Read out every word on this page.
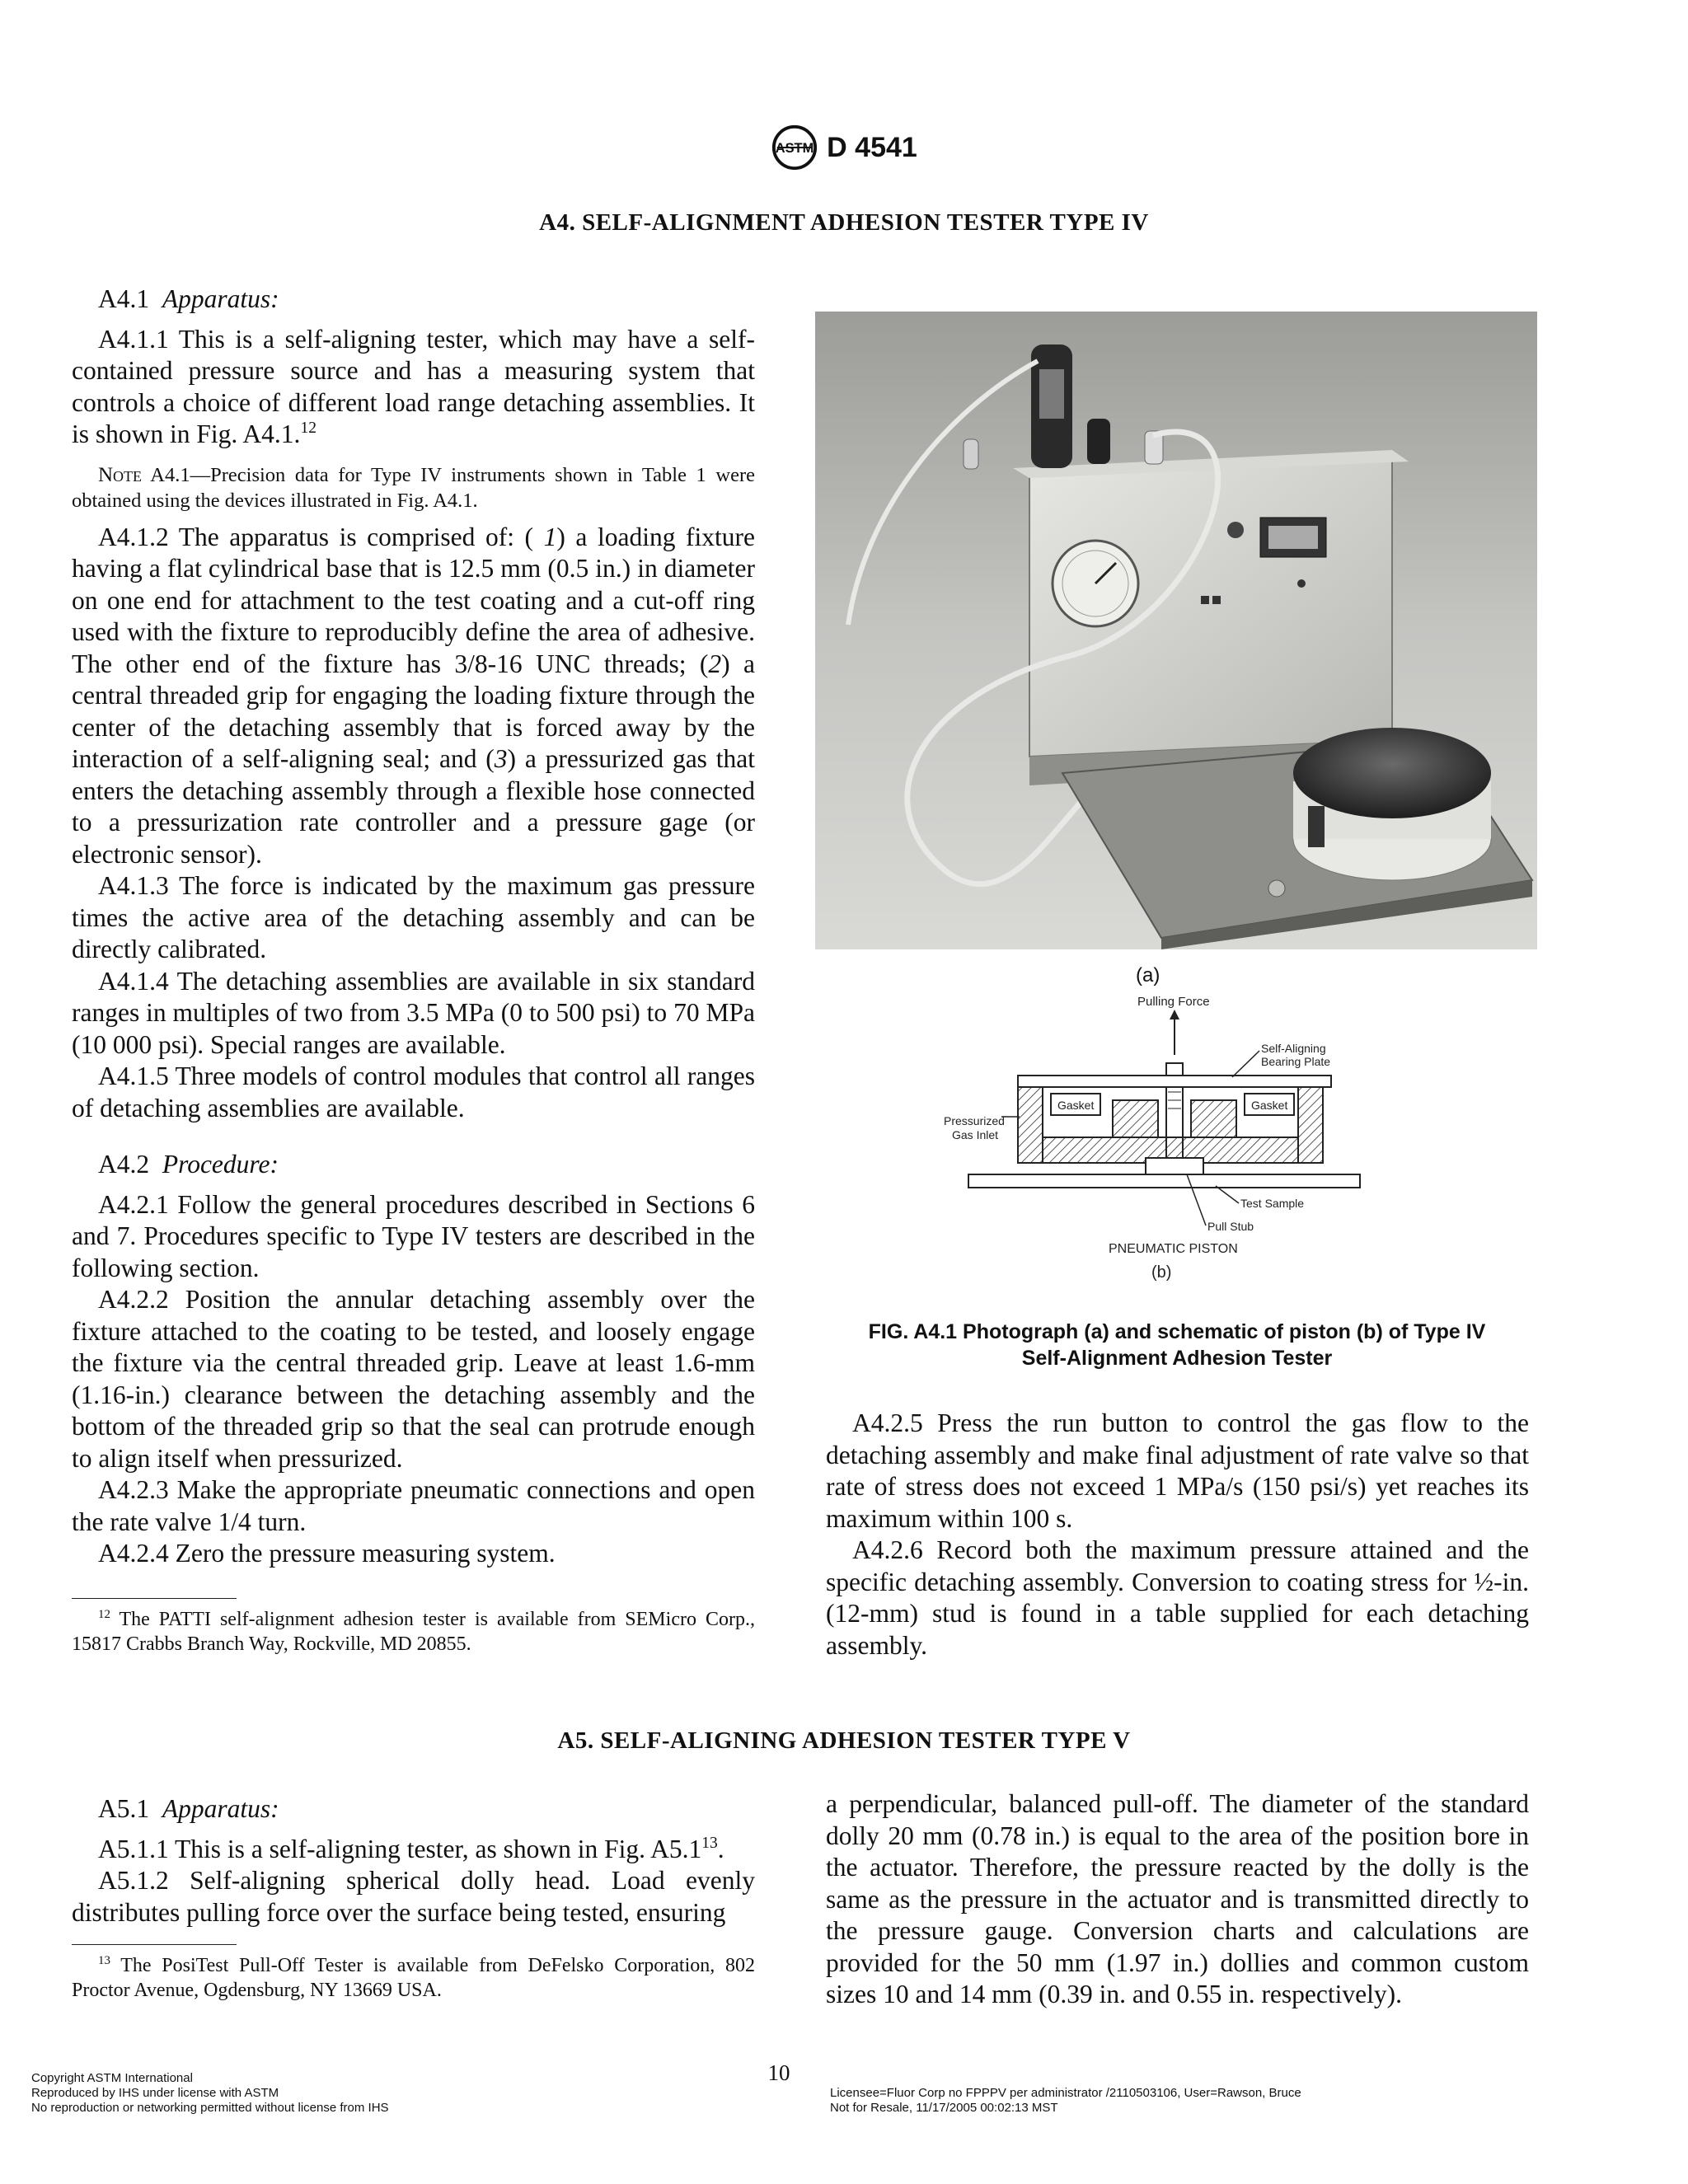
ASTM D 4541
A4. SELF-ALIGNMENT ADHESION TESTER TYPE IV

A4.1 Apparatus:

A4.1.1 This is a self-aligning tester, which may have a self-contained pressure source and has a measuring system that controls a choice of different load range detaching assemblies. It is shown in Fig. A4.1.12

Note A4.1—Precision data for Type IV instruments shown in Table 1 were obtained using the devices illustrated in Fig. A4.1.

A4.1.2 The apparatus is comprised of: ( 1) a loading fixture having a flat cylindrical base that is 12.5 mm (0.5 in.) in diameter on one end for attachment to the test coating and a cut-off ring used with the fixture to reproducibly define the area of adhesive. The other end of the fixture has 3/8-16 UNC threads; (2) a central threaded grip for engaging the loading fixture through the center of the detaching assembly that is forced away by the interaction of a self-aligning seal; and (3) a pressurized gas that enters the detaching assembly through a flexible hose connected to a pressurization rate controller and a pressure gage (or electronic sensor).

A4.1.3 The force is indicated by the maximum gas pressure times the active area of the detaching assembly and can be directly calibrated.

A4.1.4 The detaching assemblies are available in six standard ranges in multiples of two from 3.5 MPa (0 to 500 psi) to 70 MPa (10 000 psi). Special ranges are available.

A4.1.5 Three models of control modules that control all ranges of detaching assemblies are available.

A4.2 Procedure:

A4.2.1 Follow the general procedures described in Sections 6 and 7. Procedures specific to Type IV testers are described in the following section.

A4.2.2 Position the annular detaching assembly over the fixture attached to the coating to be tested, and loosely engage the fixture via the central threaded grip. Leave at least 1.6-mm (1.16-in.) clearance between the detaching assembly and the bottom of the threaded grip so that the seal can protrude enough to align itself when pressurized.

A4.2.3 Make the appropriate pneumatic connections and open the rate valve 1/4 turn.

A4.2.4 Zero the pressure measuring system.

$^{12}$ The PATTI self-alignment adhesion tester is available from SEMicro Corp., 15817 Crabbs Branch Way, Rockville, MD 20855.

(a)
Pulling Force
Gasket	Gasket
Self-Aligning
Bearing Plate
Pressurized
Gas Inlet
Test Sample
Pull Stub
PNEUMATIC PISTON
(b)
FIG. A4.1 Photograph (a) and schematic of piston (b) of Type IV
Self-Alignment Adhesion Tester

A4.2.5 Press the run button to control the gas flow to the detaching assembly and make final adjustment of rate valve so that rate of stress does not exceed 1 MPa/s (150 psi/s) yet reaches its maximum within 100 s.

A4.2.6 Record both the maximum pressure attained and the specific detaching assembly. Conversion to coating stress for ½-in. (12-mm) stud is found in a table supplied for each detaching assembly.

A5. SELF-ALIGNING ADHESION TESTER TYPE V

A5.1 Apparatus:

A5.1.1 This is a self-aligning tester, as shown in Fig. $A5.1^{13}$.

A5.1.2 Self-aligning spherical dolly head. Load evenly distributes pulling force over the surface being tested, ensuring

$^{13}$ The PosiTest Pull-Off Tester is available from DeFelsko Corporation, 802 Proctor Avenue, Ogdensburg, NY 13669 USA.

a perpendicular, balanced pull-off. The diameter of the standard dolly 20 mm (0.78 in.) is equal to the area of the position bore in the actuator. Therefore, the pressure reacted by the dolly is the same as the pressure in the actuator and is transmitted directly to the pressure gauge. Conversion charts and calculations are provided for the 50 mm (1.97 in.) dollies and common custom sizes 10 and 14 mm (0.39 in. and 0.55 in. respectively).

Copyright ASTM International
Reproduced by IHS under license with ASTM
No reproduction or networking permitted without license from IHS
10
Licensee=Fluor Corp no FPPPV per administrator /2110503106, User=Rawson, Bruce
Not for Resale, 11/17/2005 00:02:13 MST
